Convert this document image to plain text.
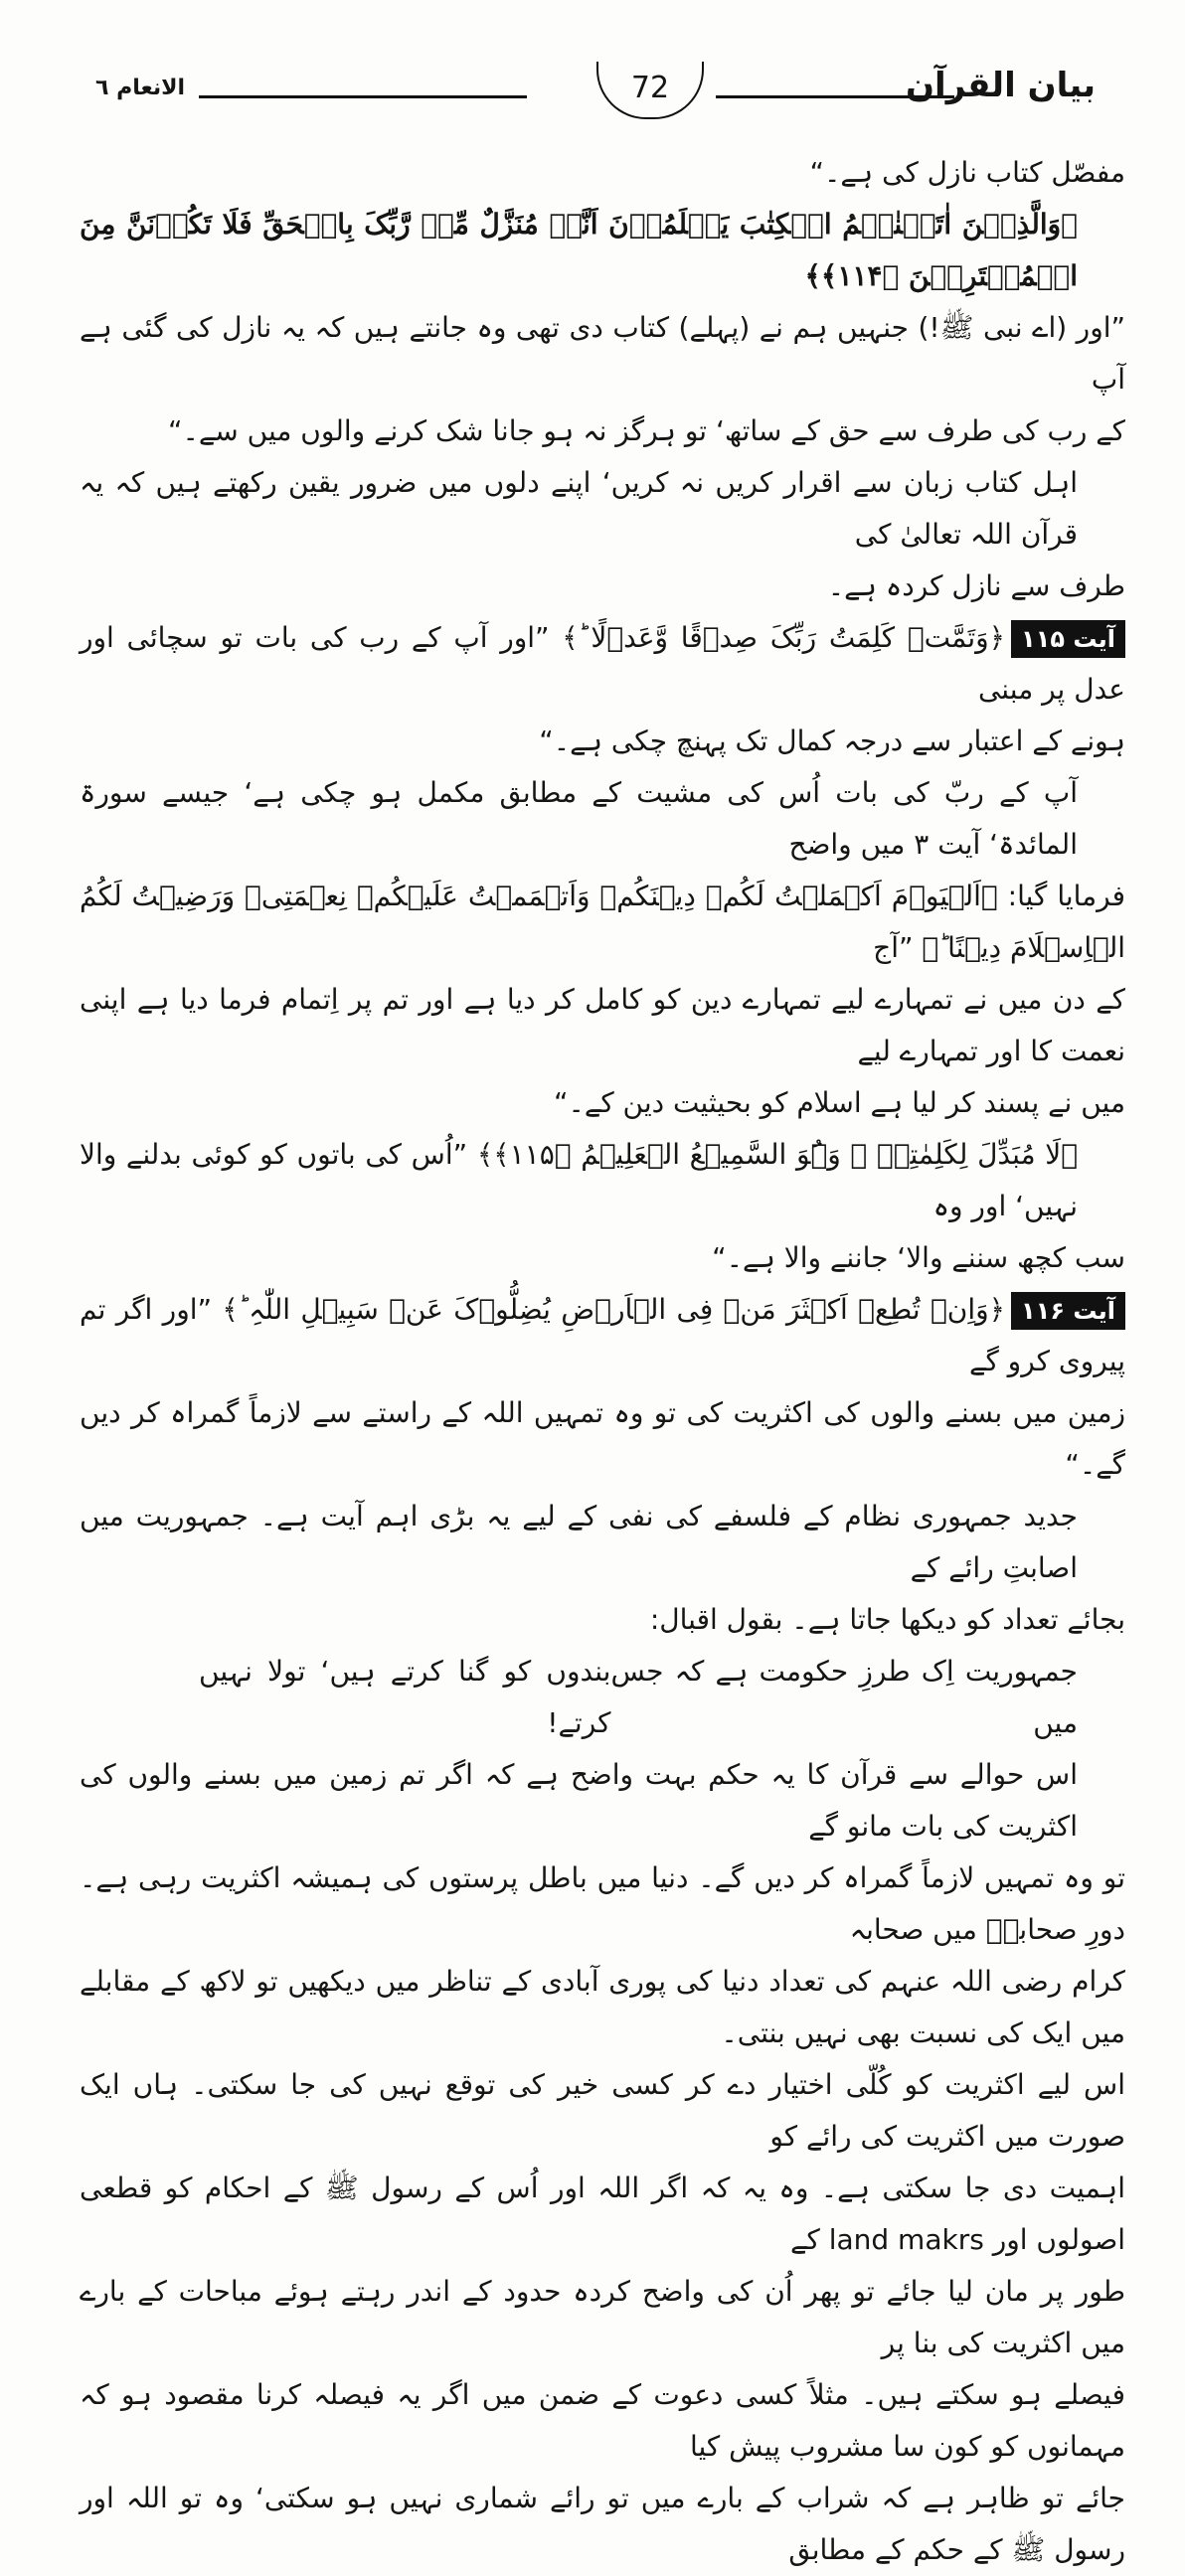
الانعام ٦	72	بیان القرآن

مفصّل کتاب نازل کی ہے۔“

﴿وَالَّذِیۡنَ اٰتَیۡنٰہُمُ الۡکِتٰبَ یَعۡلَمُوۡنَ اَنَّہٗ مُنَزَّلٌ مِّنۡ رَّبِّکَ بِالۡحَقِّ فَلَا تَکُوۡنَنَّ مِنَ الۡمُمۡتَرِیۡنَ ﴿۱۱۴﴾﴾

”اور (اے نبی ﷺ!) جنہیں ہم نے (پہلے) کتاب دی تھی وہ جانتے ہیں کہ یہ نازل کی گئی ہے آپ

کے رب کی طرف سے حق کے ساتھ‘ تو ہرگز نہ ہو جانا شک کرنے والوں میں سے۔“

اہل کتاب زبان سے اقرار کریں نہ کریں‘ اپنے دلوں میں ضرور یقین رکھتے ہیں کہ یہ قرآن اللہ تعالیٰ کی

طرف سے نازل کردہ ہے۔

آیت ۱۱۵﴿وَتَمَّتۡ کَلِمَتُ رَبِّکَ صِدۡقًا وَّعَدۡلًا ؕ﴾ ”اور آپ کے رب کی بات تو سچائی اور عدل پر مبنی

ہونے کے اعتبار سے درجہ کمال تک پہنچ چکی ہے۔“

آپ کے ربّ کی بات اُس کی مشیت کے مطابق مکمل ہو چکی ہے‘ جیسے سورۃ المائدۃ‘ آیت ۳ میں واضح

فرمایا گیا: ﴿اَلۡیَوۡمَ اَکۡمَلۡتُ لَکُمۡ دِیۡنَکُمۡ وَاَتۡمَمۡتُ عَلَیۡکُمۡ نِعۡمَتِیۡ وَرَضِیۡتُ لَکُمُ الۡاِسۡلَامَ دِیۡنًا ؕ﴾ ”آج

کے دن میں نے تمہارے لیے تمہارے دین کو کامل کر دیا ہے اور تم پر اِتمام فرما دیا ہے اپنی نعمت کا اور تمہارے لیے

میں نے پسند کر لیا ہے اسلام کو بحیثیت دین کے۔“

﴿لَا مُبَدِّلَ لِکَلِمٰتِہٖ ۚ وَہُوَ السَّمِیۡعُ الۡعَلِیۡمُ ﴿۱۱۵﴾﴾ ”اُس کی باتوں کو کوئی بدلنے والا نہیں‘ اور وہ

سب کچھ سننے والا‘ جاننے والا ہے۔“

آیت ۱۱۶﴿وَاِنۡ تُطِعۡ اَکۡثَرَ مَنۡ فِی الۡاَرۡضِ یُضِلُّوۡکَ عَنۡ سَبِیۡلِ اللّٰہِ ؕ﴾ ”اور اگر تم پیروی کرو گے

زمین میں بسنے والوں کی اکثریت کی تو وہ تمہیں اللہ کے راستے سے لازماً گمراہ کر دیں گے۔“

جدید جمہوری نظام کے فلسفے کی نفی کے لیے یہ بڑی اہم آیت ہے۔ جمہوریت میں اصابتِ رائے کے

بجائے تعداد کو دیکھا جاتا ہے۔ بقول اقبال:

جمہوریت اِک طرزِ حکومت ہے کہ جس میں
بندوں کو گنا کرتے ہیں‘ تولا نہیں کرتے!

اس حوالے سے قرآن کا یہ حکم بہت واضح ہے کہ اگر تم زمین میں بسنے والوں کی اکثریت کی بات مانو گے

تو وہ تمہیں لازماً گمراہ کر دیں گے۔ دنیا میں باطل پرستوں کی ہمیشہ اکثریت رہی ہے۔ دورِ صحابہؓ میں صحابہ

کرام رضی اللہ عنہم کی تعداد دنیا کی پوری آبادی کے تناظر میں دیکھیں تو لاکھ کے مقابلے میں ایک کی نسبت بھی نہیں بنتی۔

اس لیے اکثریت کو کُلّی اختیار دے کر کسی خیر کی توقع نہیں کی جا سکتی۔ ہاں ایک صورت میں اکثریت کی رائے کو

اہمیت دی جا سکتی ہے۔ وہ یہ کہ اگر اللہ اور اُس کے رسول ﷺ کے احکام کو قطعی اصولوں اور land makrs کے

طور پر مان لیا جائے تو پھر اُن کی واضح کردہ حدود کے اندر رہتے ہوئے مباحات کے بارے میں اکثریت کی بنا پر

فیصلے ہو سکتے ہیں۔ مثلاً کسی دعوت کے ضمن میں اگر یہ فیصلہ کرنا مقصود ہو کہ مہمانوں کو کون سا مشروب پیش کیا

جائے تو ظاہر ہے کہ شراب کے بارے میں تو رائے شماری نہیں ہو سکتی‘ وہ تو اللہ اور رسول ﷺ کے حکم کے مطابق
